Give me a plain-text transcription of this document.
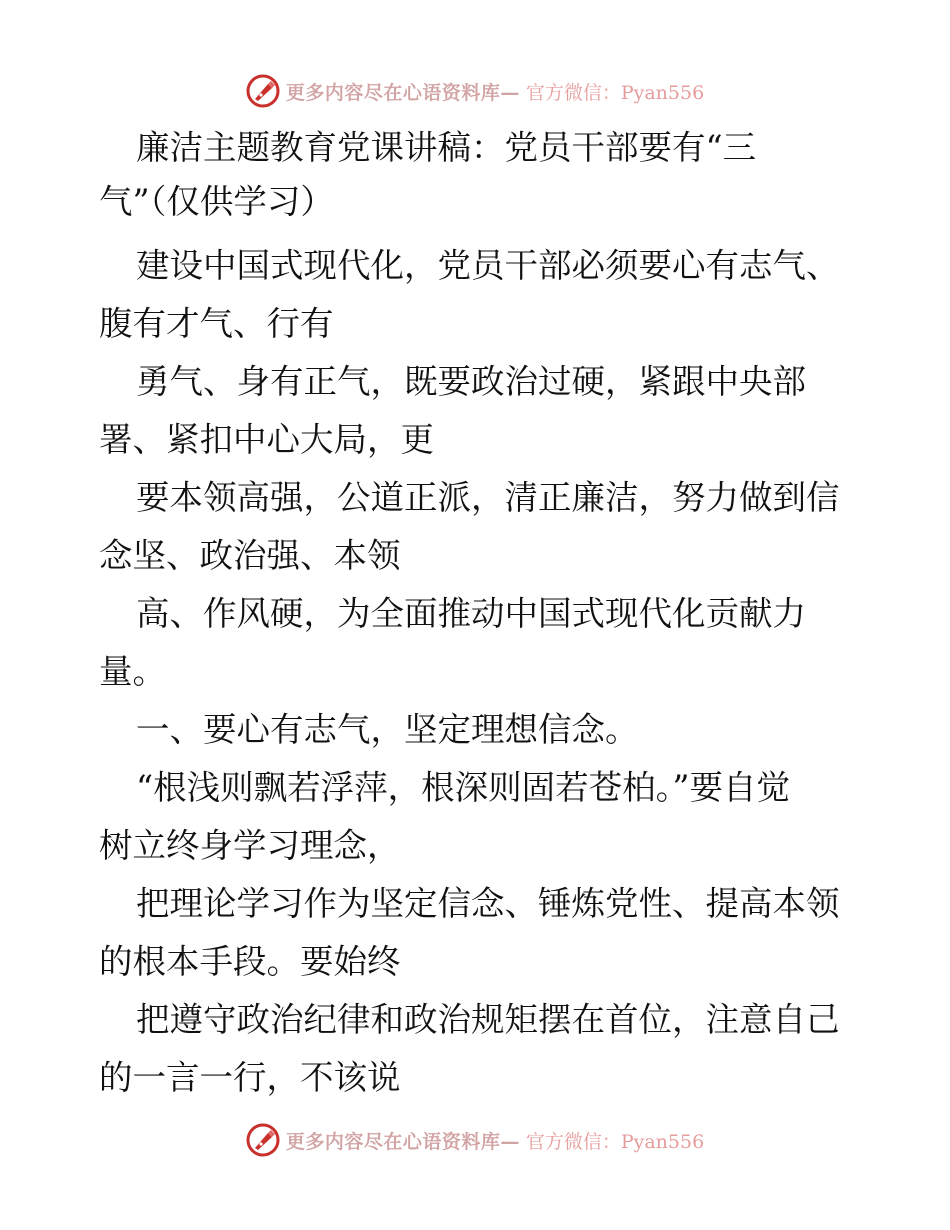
更多内容尽在心语资料库— 官方微信：Pyan556
廉洁主题教育党课讲稿：党员干部要有“三
气”（仅供学习）
建设中国式现代化，党员干部必须要心有志气、
腹有才气、行有
勇气、身有正气，既要政治过硬，紧跟中央部
署、紧扣中心大局，更
要本领高强，公道正派，清正廉洁，努力做到信
念坚、政治强、本领
高、作风硬，为全面推动中国式现代化贡献力
量。
一、要心有志气，坚定理想信念。
“根浅则飘若浮萍，根深则固若苍柏。”要自觉
树立终身学习理念，
把理论学习作为坚定信念、锤炼党性、提高本领
的根本手段。要始终
把遵守政治纪律和政治规矩摆在首位，注意自己
的一言一行，不该说
更多内容尽在心语资料库— 官方微信：Pyan556
